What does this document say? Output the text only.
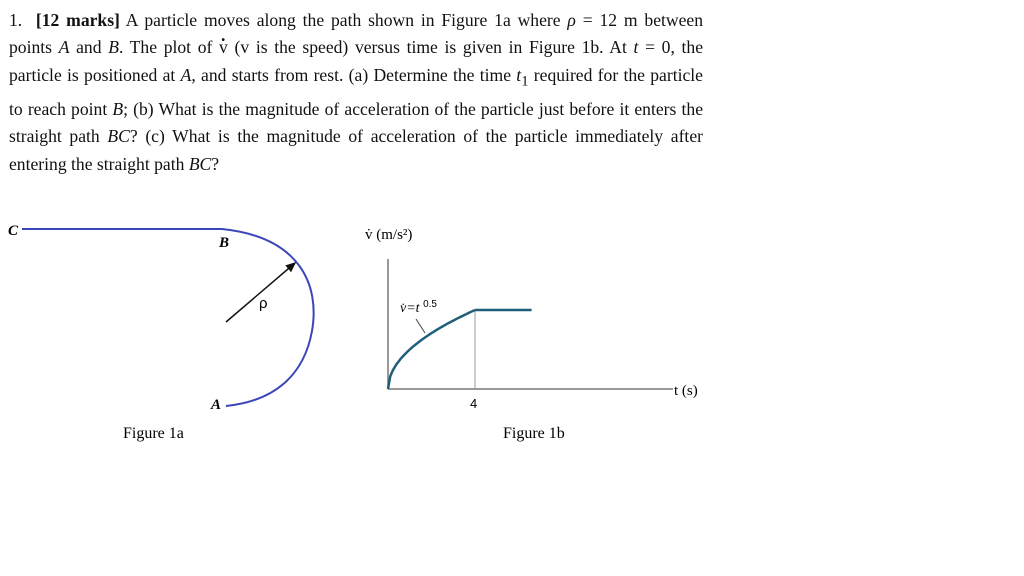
1. [12 marks] A particle moves along the path shown in Figure 1a where ρ = 12 m between points A and B. The plot of v . (v is the speed) versus time is given in Figure 1b. At t = 0, the particle is positioned at A, and starts from rest. (a) Determine the time $t_1$ required for the particle to reach point B; (b) What is the magnitude of acceleration of the particle just before it enters the straight path BC? (c) What is the magnitude of acceleration of the particle immediately after entering the straight path BC?

C
B
A
ρ
Figure 1a
v̇ (m/s²)
v̇=t $^{0.5}$
4
t (s)
Figure 1b
